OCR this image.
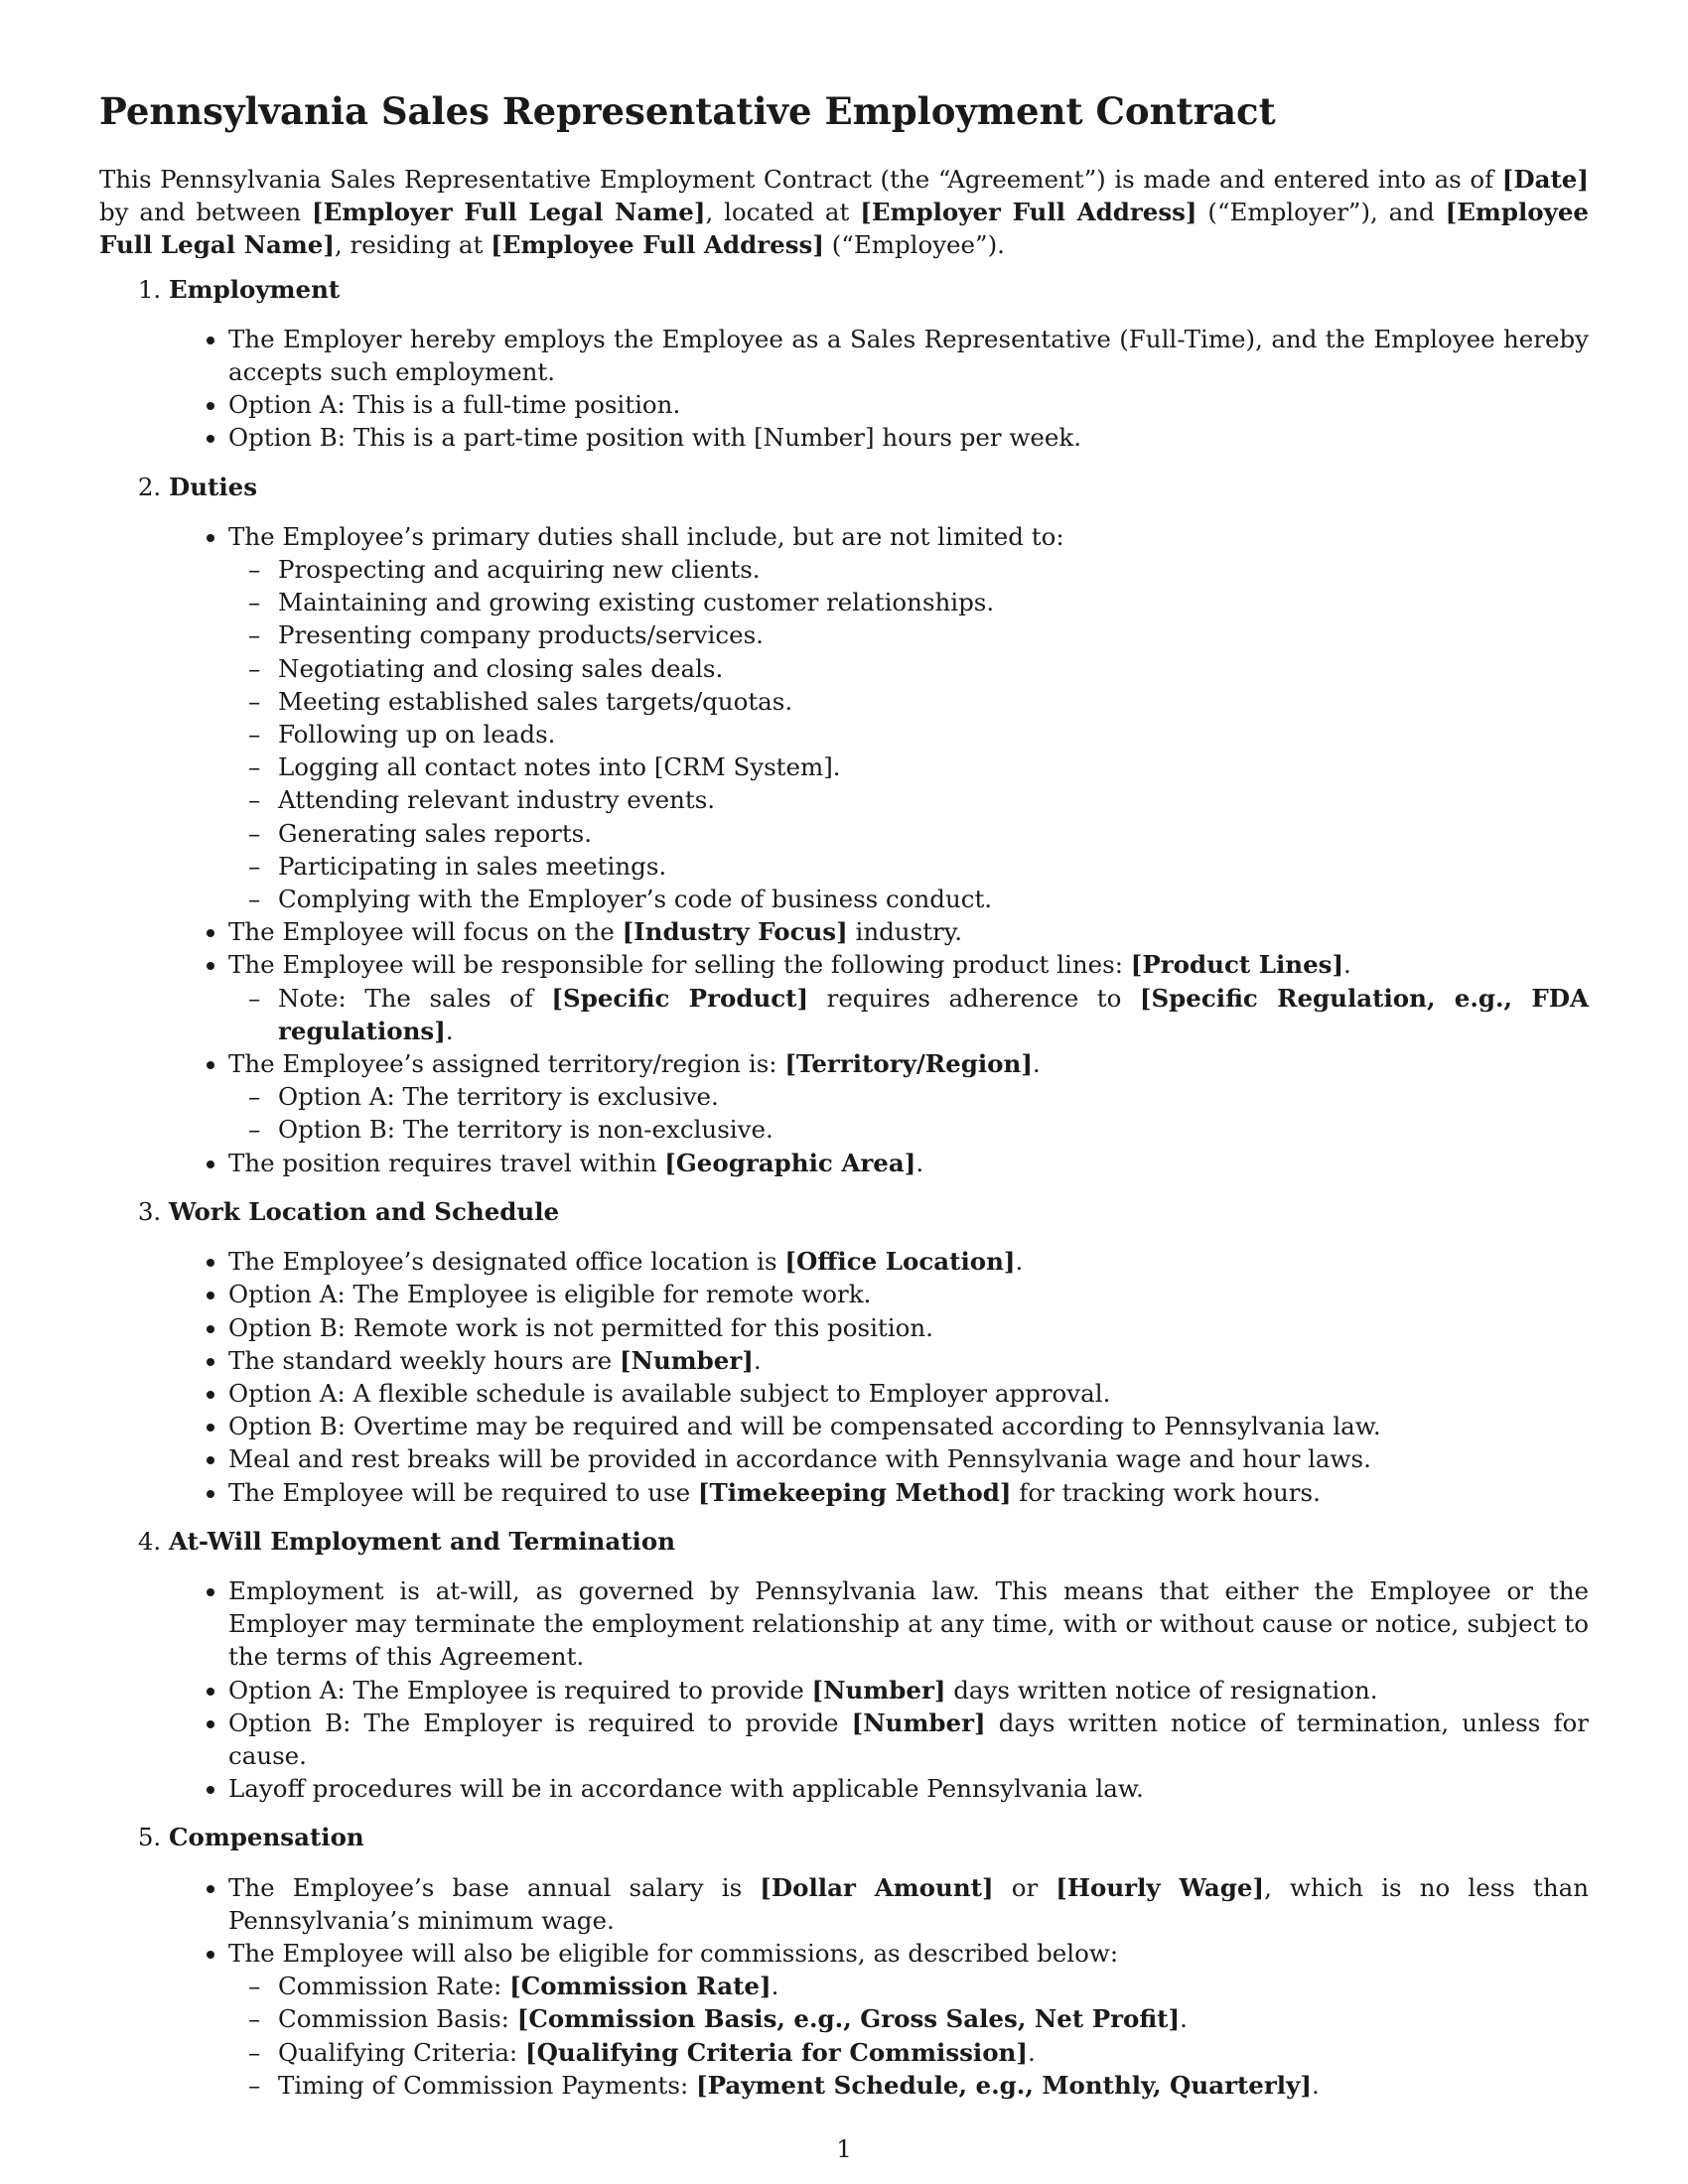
Pennsylvania Sales Representative Employment Contract

This Pennsylvania Sales Representative Employment Contract (the “Agreement”) is made and entered into as of [Date] by and between [Employer Full Legal Name], located at [Employer Full Address] (“Employer”), and [Employee Full Legal Name], residing at [Employee Full Address] (“Employee”).

1. Employment
• The Employer hereby employs the Employee as a Sales Representative (Full-Time), and the Employee hereby accepts such employment.
• Option A: This is a full-time position.
• Option B: This is a part-time position with [Number] hours per week.
2. Duties
• The Employee’s primary duties shall include, but are not limited to:
– Prospecting and acquiring new clients.
– Maintaining and growing existing customer relationships.
– Presenting company products/services.
– Negotiating and closing sales deals.
– Meeting established sales targets/quotas.
– Following up on leads.
– Logging all contact notes into [CRM System].
– Attending relevant industry events.
– Generating sales reports.
– Participating in sales meetings.
– Complying with the Employer’s code of business conduct.
• The Employee will focus on the [Industry Focus] industry.
• The Employee will be responsible for selling the following product lines: [Product Lines].
– Note: The sales of [Specific Product] requires adherence to [Specific Regulation, e.g., FDA regulations].
• The Employee’s assigned territory/region is: [Territory/Region].
– Option A: The territory is exclusive.
– Option B: The territory is non-exclusive.
• The position requires travel within [Geographic Area].
3. Work Location and Schedule
• The Employee’s designated office location is [Office Location].
• Option A: The Employee is eligible for remote work.
• Option B: Remote work is not permitted for this position.
• The standard weekly hours are [Number].
• Option A: A flexible schedule is available subject to Employer approval.
• Option B: Overtime may be required and will be compensated according to Pennsylvania law.
• Meal and rest breaks will be provided in accordance with Pennsylvania wage and hour laws.
• The Employee will be required to use [Timekeeping Method] for tracking work hours.
4. At-Will Employment and Termination
• Employment is at-will, as governed by Pennsylvania law. This means that either the Employee or the Employer may terminate the employment relationship at any time, with or without cause or notice, subject to the terms of this Agreement.
• Option A: The Employee is required to provide [Number] days written notice of resignation.
• Option B: The Employer is required to provide [Number] days written notice of termination, unless for cause.
• Layoff procedures will be in accordance with applicable Pennsylvania law.
5. Compensation
• The Employee’s base annual salary is [Dollar Amount] or [Hourly Wage], which is no less than Pennsylvania’s minimum wage.
• The Employee will also be eligible for commissions, as described below:
– Commission Rate: [Commission Rate].
– Commission Basis: [Commission Basis, e.g., Gross Sales, Net Profit].
– Qualifying Criteria: [Qualifying Criteria for Commission].
– Timing of Commission Payments: [Payment Schedule, e.g., Monthly, Quarterly].
1
